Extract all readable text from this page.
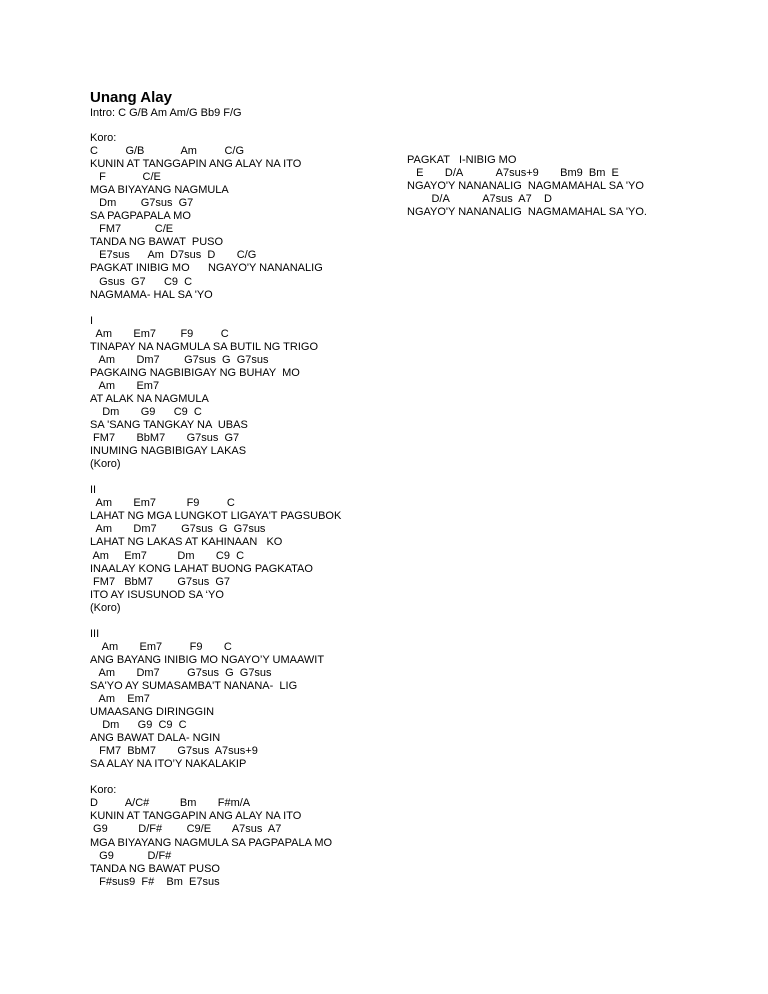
Unang Alay

Intro: C G/B Am Am/G Bb9 F/G

Koro:
C         G/B            Am         C/G
KUNIN AT TANGGAPIN ANG ALAY NA ITO
F            C/E
MGA BIYAYANG NAGMULA
Dm        G7sus  G7
SA PAGPAPALA MO
FM7           C/E
TANDA NG BAWAT  PUSO
E7sus      Am  D7sus  D       C/G
PAGKAT INIBIG MO      NGAYO'Y NANANALIG
Gsus  G7      C9  C
NAGMAMA- HAL SA 'YO
I
Am       Em7        F9         C
TINAPAY NA NAGMULA SA BUTIL NG TRIGO
Am       Dm7        G7sus  G  G7sus
PAGKAING NAGBIBIGAY NG BUHAY  MO
Am       Em7
AT ALAK NA NAGMULA
Dm       G9      C9  C
SA 'SANG TANGKAY NA  UBAS
FM7       BbM7       G7sus  G7
INUMING NAGBIBIGAY LAKAS
(Koro)
II
Am       Em7          F9         C
LAHAT NG MGA LUNGKOT LIGAYA'T PAGSUBOK
Am       Dm7        G7sus  G  G7sus
LAHAT NG LAKAS AT KAHINAAN   KO
Am     Em7          Dm       C9  C
INAALAY KONG LAHAT BUONG PAGKATAO
FM7   BbM7        G7sus  G7
ITO AY ISUSUNOD SA ‘YO
(Koro)
III
Am       Em7         F9       C
ANG BAYANG INIBIG MO NGAYO’Y UMAAWIT
Am       Dm7         G7sus  G  G7sus
SA'YO AY SUMASAMBA'T NANANA-  LIG
Am    Em7
UMAASANG DIRINGGIN
Dm      G9  C9  C
ANG BAWAT DALA- NGIN
FM7  BbM7       G7sus  A7sus+9
SA ALAY NA ITO’Y NAKALAKIP
Koro:
D         A/C#          Bm       F#m/A
KUNIN AT TANGGAPIN ANG ALAY NA ITO
G9          D/F#        C9/E       A7sus  A7
MGA BIYAYANG NAGMULA SA PAGPAPALA MO
G9           D/F#
TANDA NG BAWAT PUSO
F#sus9  F#    Bm  E7sus
PAGKAT   I-NIBIG MO
E       D/A           A7sus+9       Bm9  Bm  E
NGAYO'Y NANANALIG  NAGMAMAHAL SA 'YO
D/A           A7sus  A7    D
NGAYO'Y NANANALIG  NAGMAMAHAL SA 'YO.
